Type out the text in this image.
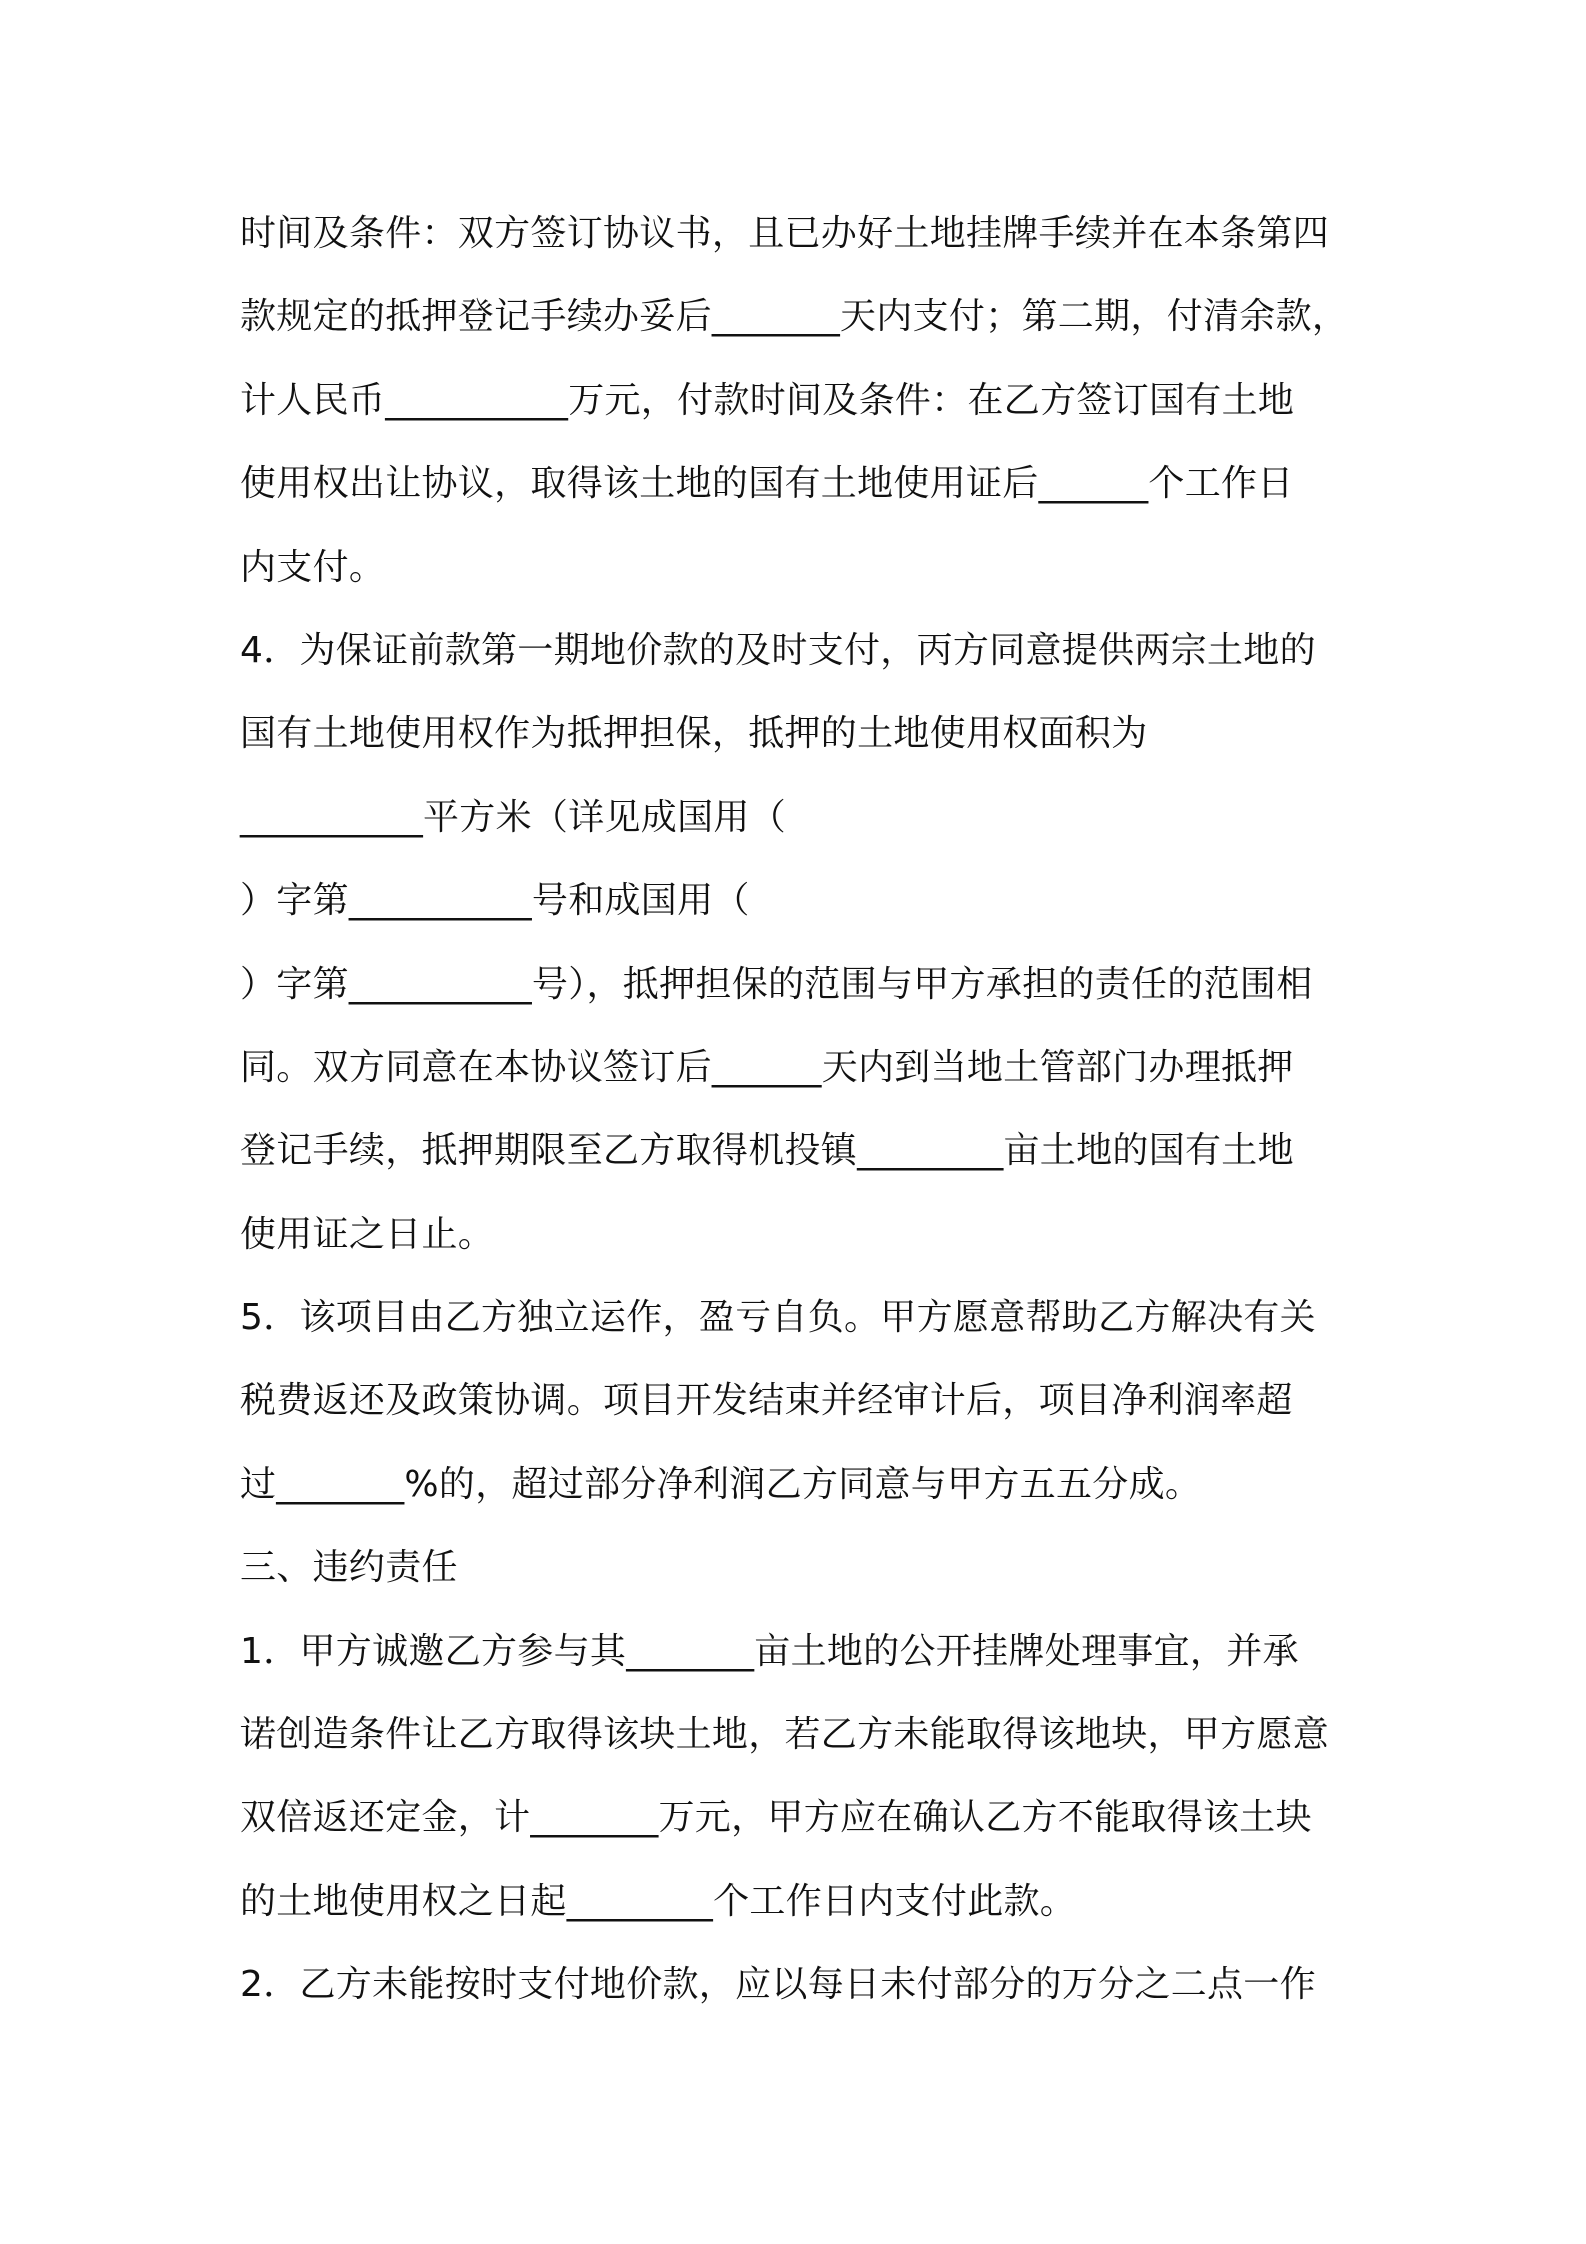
时间及条件：双方签订协议书，且已办好土地挂牌手续并在本条第四
款规定的抵押登记手续办妥后_______天内支付；第二期，付清余款，
计人民币__________万元，付款时间及条件：在乙方签订国有土地
使用权出让协议，取得该土地的国有土地使用证后______个工作日
内支付。
4．为保证前款第一期地价款的及时支付，丙方同意提供两宗土地的
国有土地使用权作为抵押担保，抵押的土地使用权面积为
__________平方米（详见成国用（
）字第__________号和成国用（
）字第__________号），抵押担保的范围与甲方承担的责任的范围相
同。双方同意在本协议签订后______天内到当地土管部门办理抵押
登记手续，抵押期限至乙方取得机投镇________亩土地的国有土地
使用证之日止。
5．该项目由乙方独立运作，盈亏自负。甲方愿意帮助乙方解决有关
税费返还及政策协调。项目开发结束并经审计后，项目净利润率超
过_______%的，超过部分净利润乙方同意与甲方五五分成。
三、违约责任
1．甲方诚邀乙方参与其_______亩土地的公开挂牌处理事宜，并承
诺创造条件让乙方取得该块土地，若乙方未能取得该地块，甲方愿意
双倍返还定金，计_______万元，甲方应在确认乙方不能取得该土块
的土地使用权之日起________个工作日内支付此款。
2．乙方未能按时支付地价款，应以每日未付部分的万分之二点一作
